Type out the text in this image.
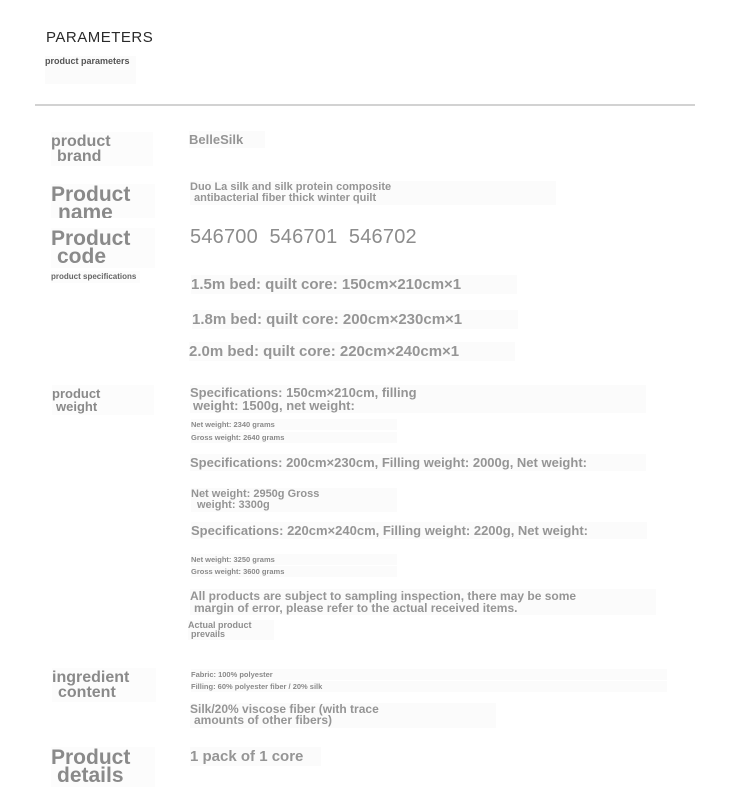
PARAMETERS
product parameters
product
brand
BelleSilk
Product
name
Duo La silk and silk protein composite
antibacterial fiber thick winter quilt
Product
code
546700  546701  546702
product specifications	1.5m bed: quilt core: 150cm×210cm×1
1.8m bed: quilt core: 200cm×230cm×1
2.0m bed: quilt core: 220cm×240cm×1
product
weight
Specifications: 150cm×210cm, filling
weight: 1500g, net weight:
Net weight: 2340 grams
Gross weight: 2640 grams
Specifications: 200cm×230cm, Filling weight: 2000g, Net weight:
Net weight: 2950g Gross
weight: 3300g
Specifications: 220cm×240cm, Filling weight: 2200g, Net weight:
Net weight: 3250 grams
Gross weight: 3600 grams
All products are subject to sampling inspection, there may be some
margin of error, please refer to the actual received items.
Actual product
prevails
ingredient
content
Fabric: 100% polyester
Filling: 60% polyester fiber / 20% silk
Silk/20% viscose fiber (with trace
amounts of other fibers)
Product
details
1 pack of 1 core
